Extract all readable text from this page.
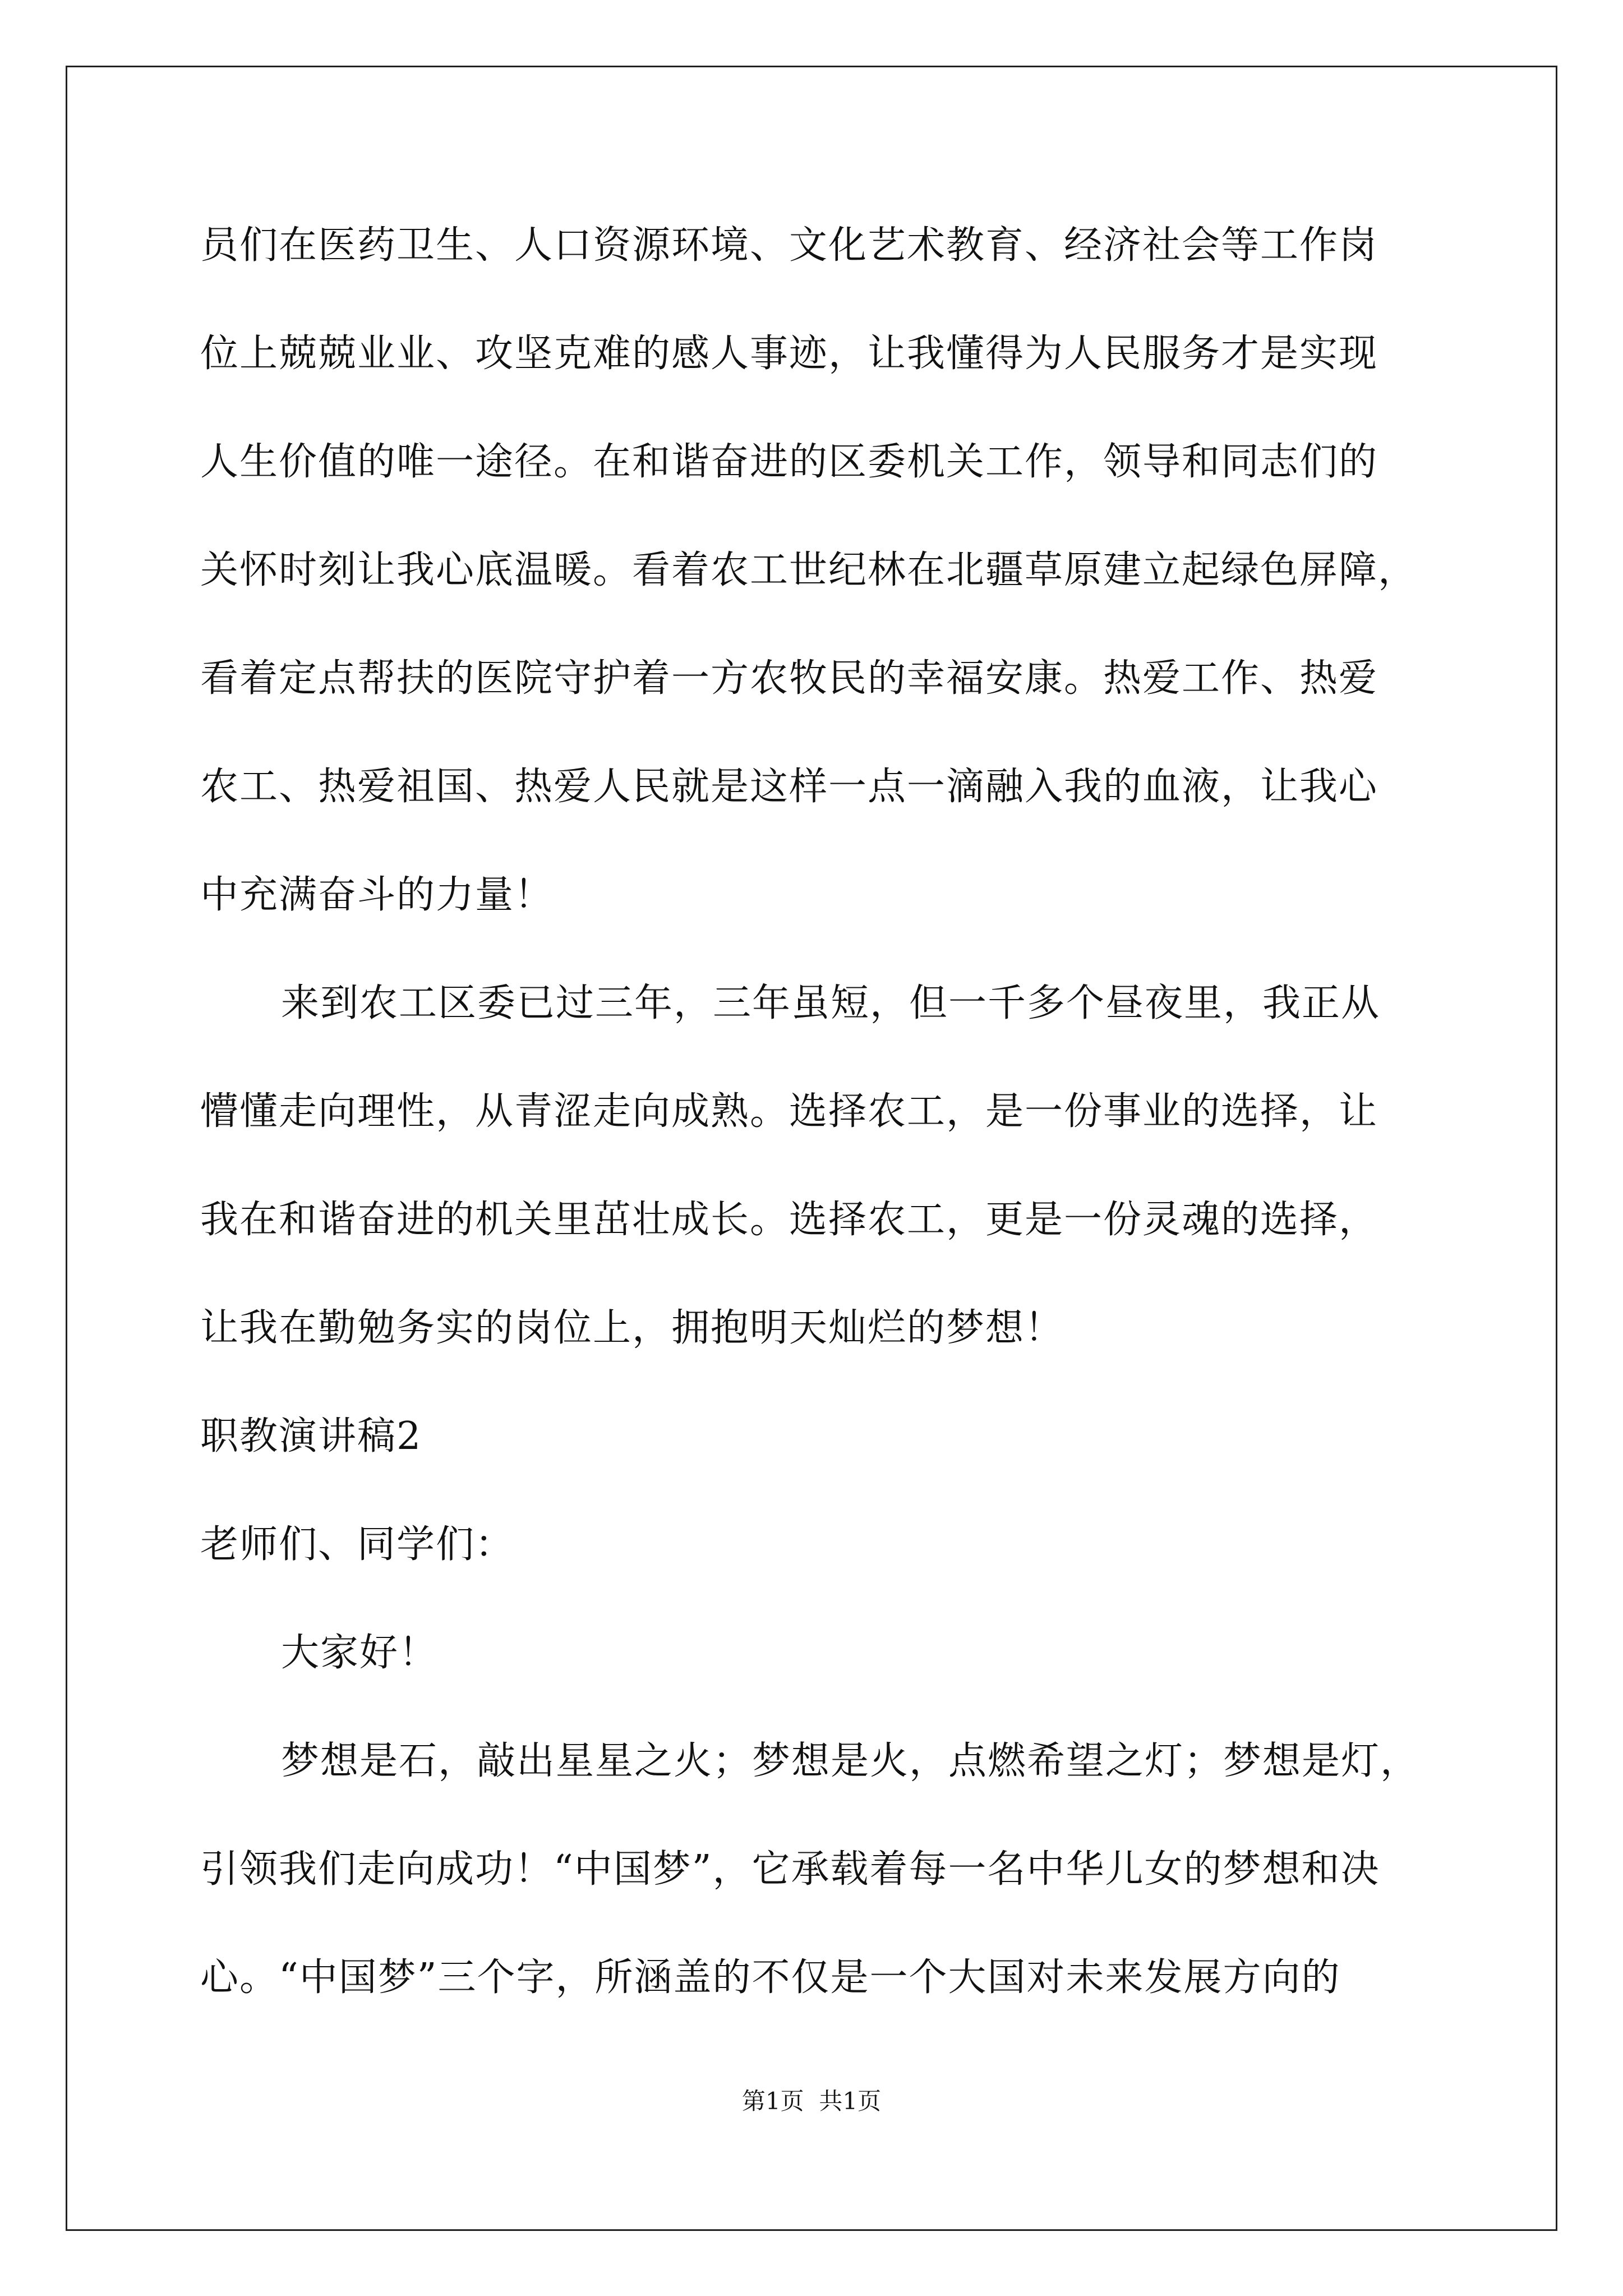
员们在医药卫生、人口资源环境、文化艺术教育、经济社会等工作岗
位上兢兢业业、攻坚克难的感人事迹，让我懂得为人民服务才是实现
人生价值的唯一途径。在和谐奋进的区委机关工作，领导和同志们的
关怀时刻让我心底温暖。看着农工世纪林在北疆草原建立起绿色屏障，
看着定点帮扶的医院守护着一方农牧民的幸福安康。热爱工作、热爱
农工、热爱祖国、热爱人民就是这样一点一滴融入我的血液，让我心
中充满奋斗的力量！
来到农工区委已过三年，三年虽短，但一千多个昼夜里，我正从
懵懂走向理性，从青涩走向成熟。选择农工，是一份事业的选择，让
我在和谐奋进的机关里茁壮成长。选择农工，更是一份灵魂的选择，
让我在勤勉务实的岗位上，拥抱明天灿烂的梦想！
职教演讲稿2
老师们、同学们：
大家好！
梦想是石，敲出星星之火；梦想是火，点燃希望之灯；梦想是灯，
引领我们走向成功！“中国梦”，它承载着每一名中华儿女的梦想和决
心。“中国梦”三个字，所涵盖的不仅是一个大国对未来发展方向的
第1页  共1页
